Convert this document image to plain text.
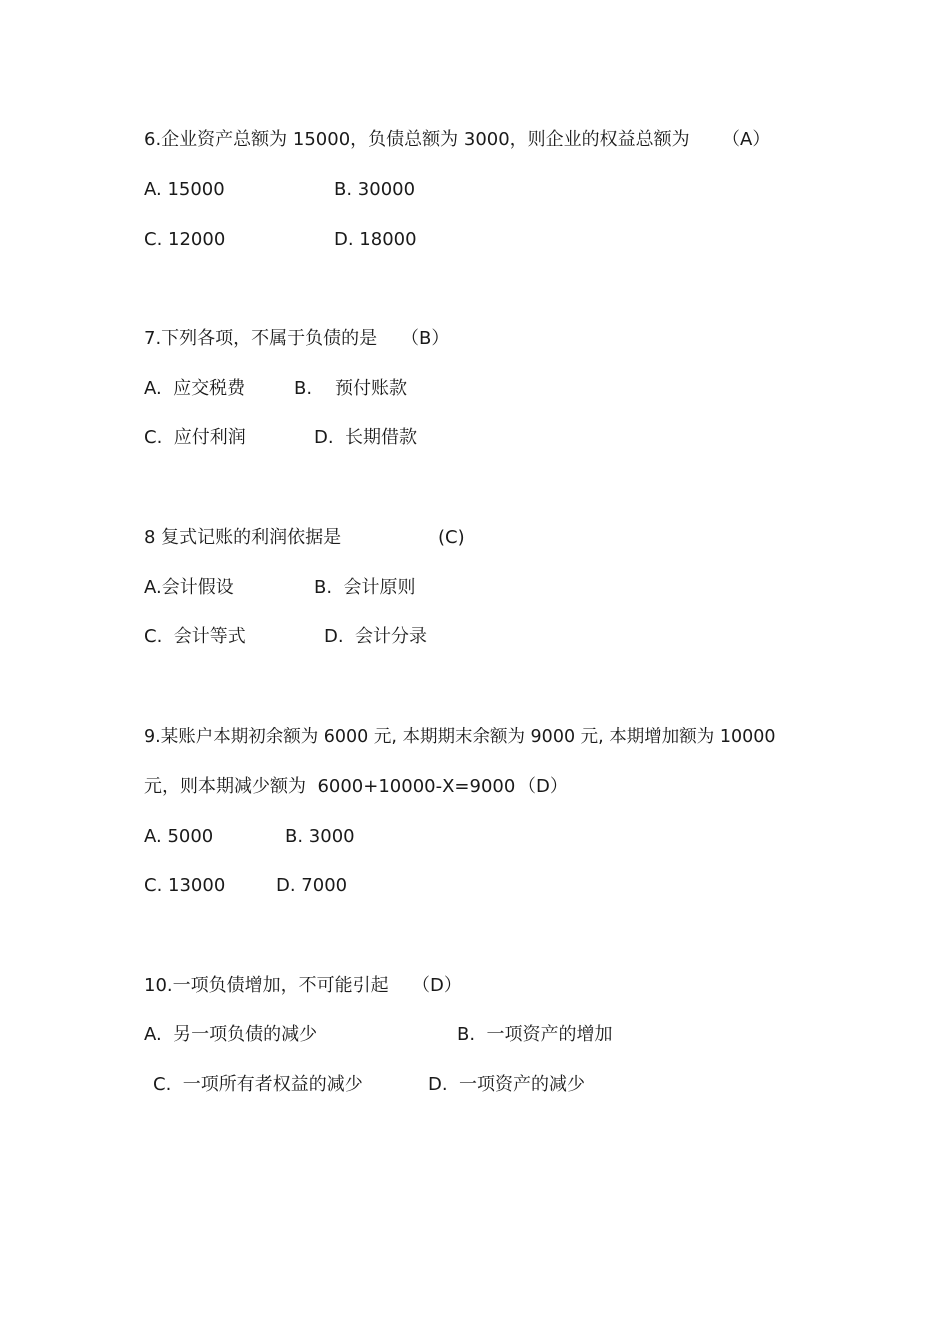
6.企业资产总额为 15000，负债总额为 3000，则企业的权益总额为 （A）
A. 15000	B. 30000
C. 12000	D. 18000
7.下列各项，不属于负债的是 （B）
A.  应交税费	B.    预付账款
C.  应付利润	D.  长期借款
8 复式记账的利润依据是	(C)
A.会计假设	B.  会计原则
C.  会计等式	D.  会计分录
9.某账户本期初余额为 6000 元, 本期期末余额为 9000 元, 本期增加额为 10000
元，则本期减少额为  6000+10000-X=9000 （D）
A. 5000	B. 3000
C. 13000	D. 7000
10.一项负债增加，不可能引起 （D）
A.  另一项负债的减少	B.  一项资产的增加
C.  一项所有者权益的减少	D.  一项资产的减少
